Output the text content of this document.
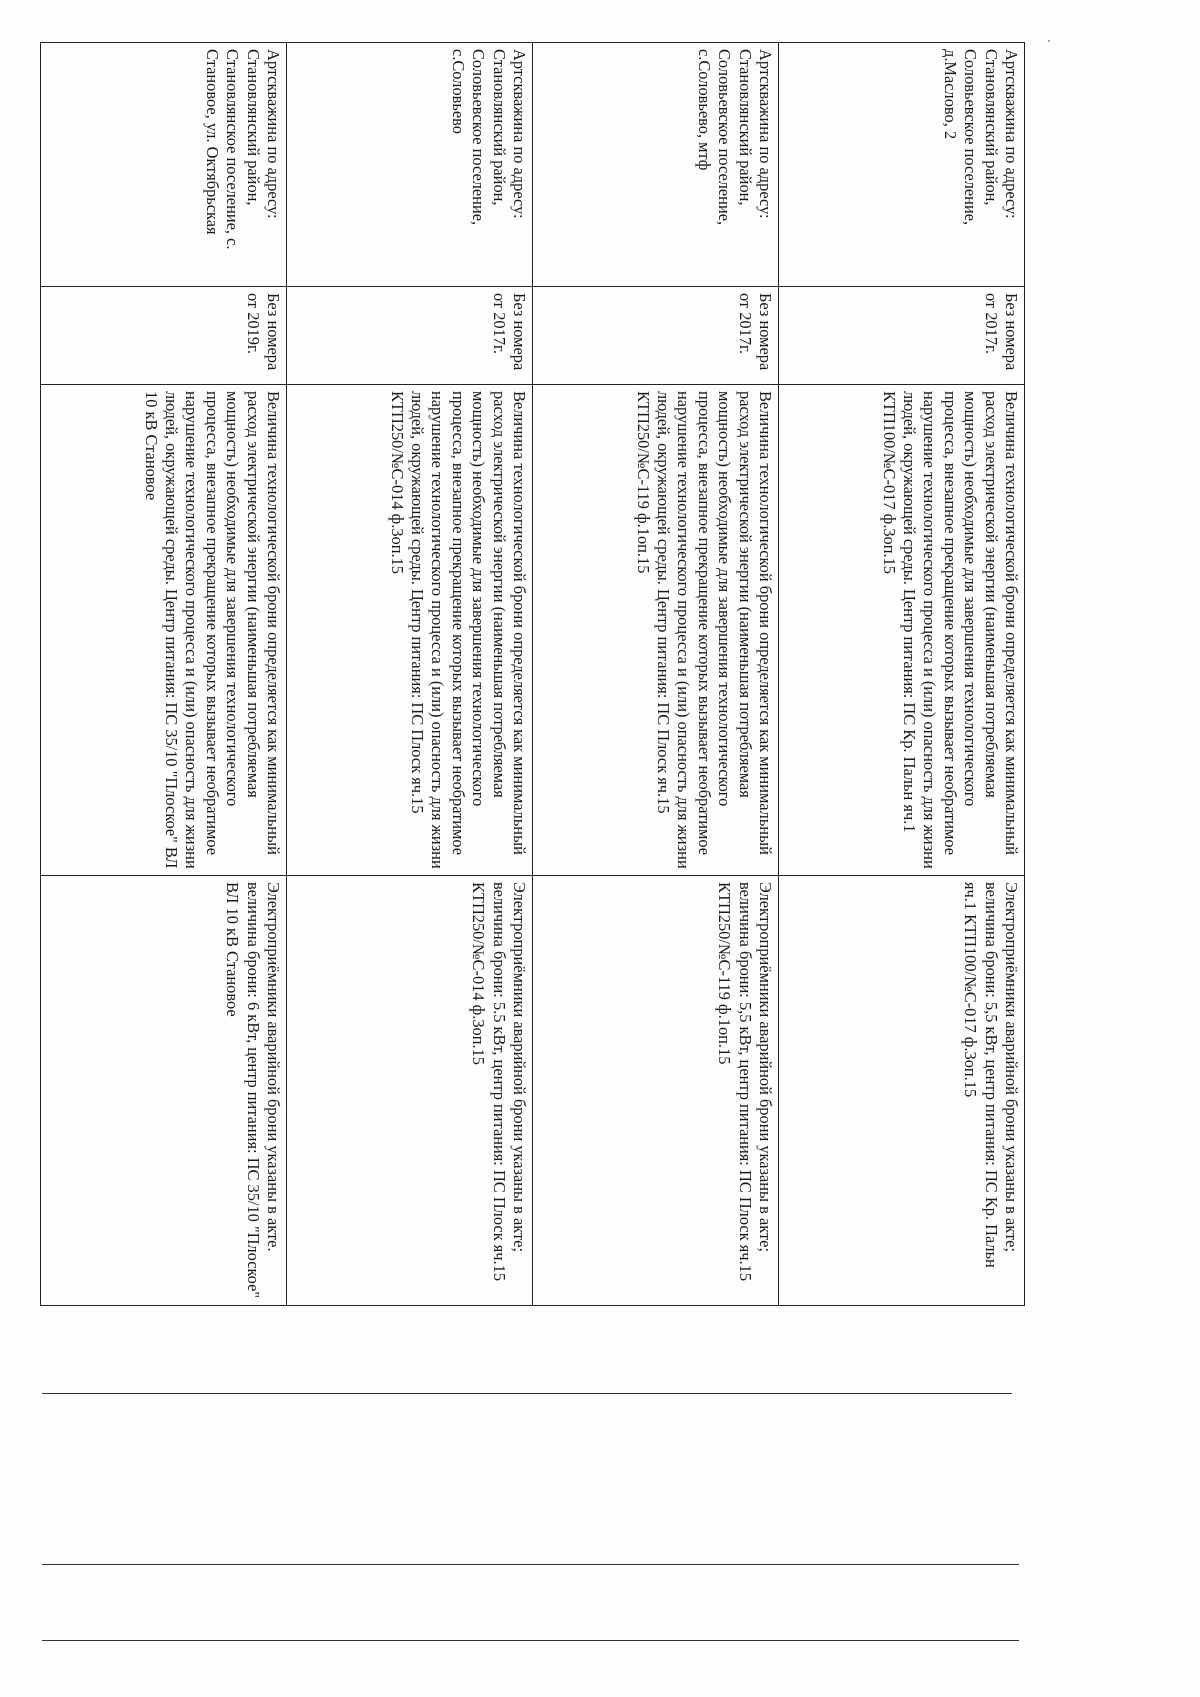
Артскважина по адресу: Становлянский район, Соловьевское поселение, д.Маслово, 2	Без номера от 2017г.	Величина технологической брони определяется как минимальный расход электрической энергии (наименьшая потребляемая мощность) необходимые для завершения технологического процесса, внезапное прекращение которых вызывает необратимое нарушение технологического процесса и (или) опасность для жизни людей, окружающей среды. Центр питания: ПС Кр. Пальн яч.1 КТП100/№С-017 ф.3оп.15	Электроприёмники аварийной брони указаны в акте; величина брони: 5,5 кВт, центр питания: ПС Кр. Пальн яч.1 КТП100/№С-017 ф.3оп.15
Артскважина по адресу: Становлянский район, Соловьевское поселение, с.Соловьево, мтф	Без номера от 2017г.	Величина технологической брони определяется как минимальный расход электрической энергии (наименьшая потребляемая мощность) необходимые для завершения технологического процесса, внезапное прекращение которых вызывает необратимое нарушение технологического процесса и (или) опасность для жизни людей, окружающей среды. Центр питания: ПС Плоск яч.15 КТП250/№С-119 ф.1оп.15	Электроприёмники аварийной брони указаны в акте; величина брони: 5,5 кВт, центр питания: ПС Плоск яч.15 КТП250/№С-119 ф.1оп.15
Артскважина по адресу: Становлянский район, Соловьевское поселение, с.Соловьево	Без номера от 2017г.	Величина технологической брони определяется как минимальный расход электрической энергии (наименьшая потребляемая мощность) необходимые для завершения технологического процесса, внезапное прекращение которых вызывает необратимое нарушение технологического процесса и (или) опасность для жизни людей, окружающей среды. Центр питания: ПС Плоск яч.15 КТП250/№С-014 ф.3оп.15	Электроприёмники аварийной брони указаны в акте; величина брони: 5.5 кВт, центр питания: ПС Плоск яч.15 КТП250/№С-014 ф.3оп.15
Артскважина по адресу: Становлянский район, Становлянское поселение, с. Становое, ул. Октябрьская	Без номера от 2019г.	Величина технологической брони определяется как минимальный расход электрической энергии (наименьшая потребляемая мощность) необходимые для завершения технологического процесса, внезапное прекращение которых вызывает необратимое нарушение технологического процесса и (или) опасность для жизни людей, окружающей среды. Центр питания: ПС 35/10 "Плоское" ВЛ 10 кВ Становое	Электроприёмники аварийной брони указаны в акте. величина брони: 6 кВт, центр питания: ПС 35/10 "Плоское" ВЛ 10 кВ Становое
